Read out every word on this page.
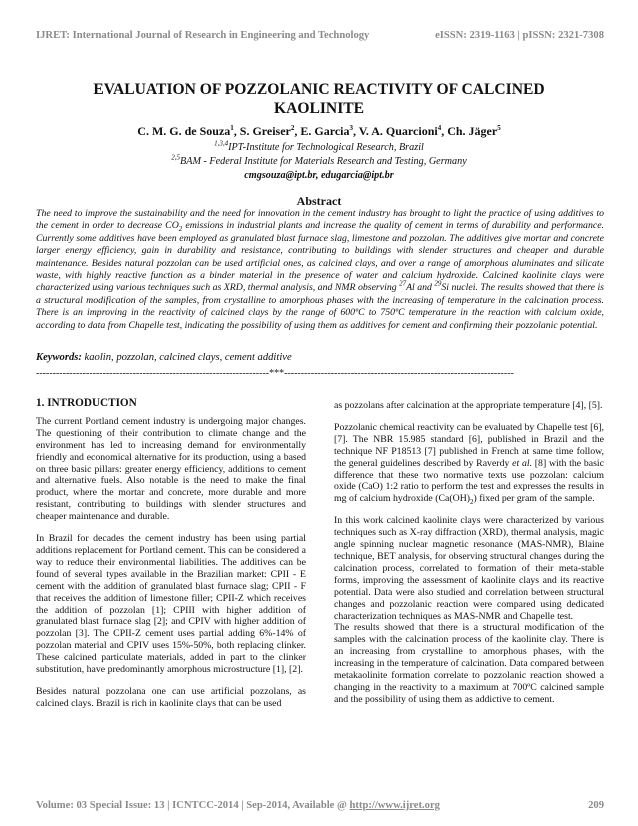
IJRET: International Journal of Research in Engineering and Technology	eISSN: 2319-1163 | pISSN: 2321-7308
EVALUATION OF POZZOLANIC REACTIVITY OF CALCINED KAOLINITE
C. M. G. de Souza$^1$, S. Greiser$^2$, E. Garcia$^3$, V. A. Quarcioni$^4$, Ch. Jäger$^5$
$^{1,3,4}$IPT-Institute for Technological Research, Brazil
$^{2,5}$BAM - Federal Institute for Materials Research and Testing, Germany
cmgsouza@ipt.br, edugarcia@ipt.br
Abstract

The need to improve the sustainability and the need for innovation in the cement industry has brought to light the practice of using additives to the cement in order to decrease $CO_2$ emissions in industrial plants and increase the quality of cement in terms of durability and performance. Currently some additives have been employed as granulated blast furnace slag, limestone and pozzolan. The additives give mortar and concrete larger energy efficiency, gain in durability and resistance, contributing to buildings with slender structures and cheaper and durable maintenance. Besides natural pozzolan can be used artificial ones, as calcined clays, and over a range of amorphous aluminates and silicate waste, with highly reactive function as a binder material in the presence of water and calcium hydroxide. Calcined kaolinite clays were characterized using various techniques such as XRD, thermal analysis, and NMR observing $^{27}$Al and $^{29}$Si nuclei. The results showed that there is a structural modification of the samples, from crystalline to amorphous phases with the increasing of temperature in the calcination process. There is an improving in the reactivity of calcined clays by the range of 600ºC to 750ºC temperature in the reaction with calcium oxide, according to data from Chapelle test, indicating the possibility of using them as additives for cement and confirming their pozzolanic potential.

Keywords: kaolin, pozzolan, calcined clays, cement additive
----------------------------------------------------------------------***---------------------------------------------------------------------
1. INTRODUCTION

The current Portland cement industry is undergoing major changes. The questioning of their contribution to climate change and the environment has led to increasing demand for environmentally friendly and economical alternative for its production, using a based on three basic pillars: greater energy efficiency, additions to cement and alternative fuels. Also notable is the need to make the final product, where the mortar and concrete, more durable and more resistant, contributing to buildings with slender structures and cheaper maintenance and durable.

In Brazil for decades the cement industry has been using partial additions replacement for Portland cement. This can be considered a way to reduce their environmental liabilities. The additives can be found of several types available in the Brazilian market: CPII - E cement with the addition of granulated blast furnace slag; CPII - F that receives the addition of limestone filler; CPII-Z which receives the addition of pozzolan [1]; CPIII with higher addition of granulated blast furnace slag [2]; and CPIV with higher addition of pozzolan [3]. The CPII-Z cement uses partial adding 6%-14% of pozzolan material and CPIV uses 15%-50%, both replacing clinker. These calcined particulate materials, added in part to the clinker substitution, have predominantly amorphous microstructure [1], [2].

Besides natural pozzolana one can use artificial pozzolans, as calcined clays. Brazil is rich in kaolinite clays that can be used

as pozzolans after calcination at the appropriate temperature [4], [5].

Pozzolanic chemical reactivity can be evaluated by Chapelle test [6], [7]. The NBR 15.985 standard [6], published in Brazil and the technique NF P18513 [7] published in French at same time follow, the general guidelines described by Raverdy et al. [8] with the basic difference that these two normative texts use pozzolan: calcium oxide (CaO) 1:2 ratio to perform the test and expresses the results in mg of calcium hydroxide $(Ca(OH)_2)$ fixed per gram of the sample.

In this work calcined kaolinite clays were characterized by various techniques such as X-ray diffraction (XRD), thermal analysis, magic angle spinning nuclear magnetic resonance (MAS-NMR), Blaine technique, BET analysis, for observing structural changes during the calcination process, correlated to formation of their meta-stable forms, improving the assessment of kaolinite clays and its reactive potential. Data were also studied and correlation between structural changes and pozzolanic reaction were compared using dedicated characterization techniques as MAS-NMR and Chapelle test.

The results showed that there is a structural modification of the samples with the calcination process of the kaolinite clay. There is an increasing from crystalline to amorphous phases, with the increasing in the temperature of calcination. Data compared between metakaolinite formation correlate to pozzolanic reaction showed a changing in the reactivity to a maximum at 700ºC calcined sample and the possibility of using them as addictive to cement.

Volume: 03 Special Issue: 13 | ICNTCC-2014 | Sep-2014, Available @ http://www.ijret.org	209
